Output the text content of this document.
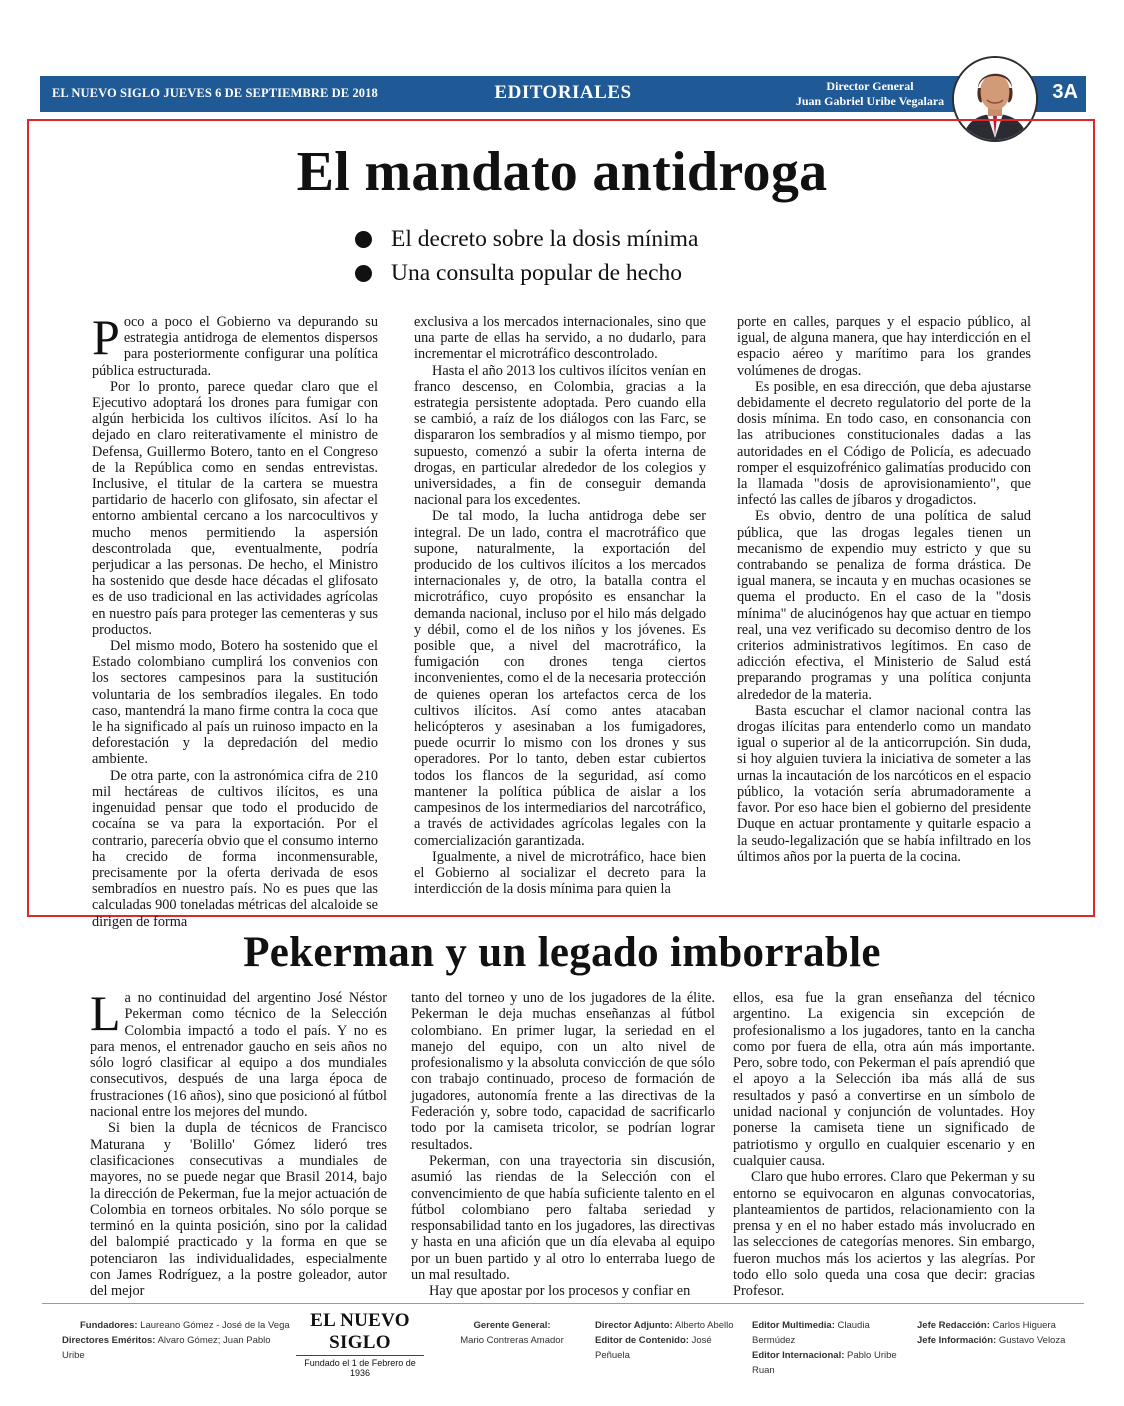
EL NUEVO SIGLO JUEVES 6 DE SEPTIEMBRE DE 2018	EDITORIALES	Director General
Juan Gabriel Uribe Vegalara	3A
El mandato antidroga
El decreto sobre la dosis mínima
Una consulta popular de hecho

Poco a poco el Gobierno va depurando su estrategia antidroga de elementos dispersos para posteriormente configurar una política pública estructurada.

Por lo pronto, parece quedar claro que el Ejecutivo adoptará los drones para fumigar con algún herbicida los cultivos ilícitos. Así lo ha dejado en claro reiterativamente el ministro de Defensa, Guillermo Botero, tanto en el Congreso de la República como en sendas entrevistas. Inclusive, el titular de la cartera se muestra partidario de hacerlo con glifosato, sin afectar el entorno ambiental cercano a los narcocultivos y mucho menos permitiendo la aspersión descontrolada que, eventualmente, podría perjudicar a las personas. De hecho, el Ministro ha sostenido que desde hace décadas el glifosato es de uso tradicional en las actividades agrícolas en nuestro país para proteger las cementeras y sus productos.

Del mismo modo, Botero ha sostenido que el Estado colombiano cumplirá los convenios con los sectores campesinos para la sustitución voluntaria de los sembradíos ilegales. En todo caso, mantendrá la mano firme contra la coca que le ha significado al país un ruinoso impacto en la deforestación y la depredación del medio ambiente.

De otra parte, con la astronómica cifra de 210 mil hectáreas de cultivos ilícitos, es una ingenuidad pensar que todo el producido de cocaína se va para la exportación. Por el contrario, parecería obvio que el consumo interno ha crecido de forma inconmensurable, precisamente por la oferta derivada de esos sembradíos en nuestro país. No es pues que las calculadas 900 toneladas métricas del alcaloide se dirigen de forma

exclusiva a los mercados internacionales, sino que una parte de ellas ha servido, a no dudarlo, para incrementar el microtráfico descontrolado.

Hasta el año 2013 los cultivos ilícitos venían en franco descenso, en Colombia, gracias a la estrategia persistente adoptada. Pero cuando ella se cambió, a raíz de los diálogos con las Farc, se dispararon los sembradíos y al mismo tiempo, por supuesto, comenzó a subir la oferta interna de drogas, en particular alrededor de los colegios y universidades, a fin de conseguir demanda nacional para los excedentes.

De tal modo, la lucha antidroga debe ser integral. De un lado, contra el macrotráfico que supone, naturalmente, la exportación del producido de los cultivos ilícitos a los mercados internacionales y, de otro, la batalla contra el microtráfico, cuyo propósito es ensanchar la demanda nacional, incluso por el hilo más delgado y débil, como el de los niños y los jóvenes. Es posible que, a nivel del macrotráfico, la fumigación con drones tenga ciertos inconvenientes, como el de la necesaria protección de quienes operan los artefactos cerca de los cultivos ilícitos. Así como antes atacaban helicópteros y asesinaban a los fumigadores, puede ocurrir lo mismo con los drones y sus operadores. Por lo tanto, deben estar cubiertos todos los flancos de la seguridad, así como mantener la política pública de aislar a los campesinos de los intermediarios del narcotráfico, a través de actividades agrícolas legales con la comercialización garantizada.

Igualmente, a nivel de microtráfico, hace bien el Gobierno al socializar el decreto para la interdicción de la dosis mínima para quien la

porte en calles, parques y el espacio público, al igual, de alguna manera, que hay interdicción en el espacio aéreo y marítimo para los grandes volúmenes de drogas.

Es posible, en esa dirección, que deba ajustarse debidamente el decreto regulatorio del porte de la dosis mínima. En todo caso, en consonancia con las atribuciones constitucionales dadas a las autoridades en el Código de Policía, es adecuado romper el esquizofrénico galimatías producido con la llamada "dosis de aprovisionamiento", que infectó las calles de jíbaros y drogadictos.

Es obvio, dentro de una política de salud pública, que las drogas legales tienen un mecanismo de expendio muy estricto y que su contrabando se penaliza de forma drástica. De igual manera, se incauta y en muchas ocasiones se quema el producto. En el caso de la "dosis mínima" de alucinógenos hay que actuar en tiempo real, una vez verificado su decomiso dentro de los criterios administrativos legítimos. En caso de adicción efectiva, el Ministerio de Salud está preparando programas y una política conjunta alrededor de la materia.

Basta escuchar el clamor nacional contra las drogas ilícitas para entenderlo como un mandato igual o superior al de la anticorrupción. Sin duda, si hoy alguien tuviera la iniciativa de someter a las urnas la incautación de los narcóticos en el espacio público, la votación sería abrumadoramente a favor. Por eso hace bien el gobierno del presidente Duque en actuar prontamente y quitarle espacio a la seudo-legalización que se había infiltrado en los últimos años por la puerta de la cocina.

Pekerman y un legado imborrable

La no continuidad del argentino José Néstor Pekerman como técnico de la Selección Colombia impactó a todo el país. Y no es para menos, el entrenador gaucho en seis años no sólo logró clasificar al equipo a dos mundiales consecutivos, después de una larga época de frustraciones (16 años), sino que posicionó al fútbol nacional entre los mejores del mundo.

Si bien la dupla de técnicos de Francisco Maturana y 'Bolillo' Gómez lideró tres clasificaciones consecutivas a mundiales de mayores, no se puede negar que Brasil 2014, bajo la dirección de Pekerman, fue la mejor actuación de Colombia en torneos orbitales. No sólo porque se terminó en la quinta posición, sino por la calidad del balompié practicado y la forma en que se potenciaron las individualidades, especialmente con James Rodríguez, a la postre goleador, autor del mejor

tanto del torneo y uno de los jugadores de la élite. Pekerman le deja muchas enseñanzas al fútbol colombiano. En primer lugar, la seriedad en el manejo del equipo, con un alto nivel de profesionalismo y la absoluta convicción de que sólo con trabajo continuado, proceso de formación de jugadores, autonomía frente a las directivas de la Federación y, sobre todo, capacidad de sacrificarlo todo por la camiseta tricolor, se podrían lograr resultados.

Pekerman, con una trayectoria sin discusión, asumió las riendas de la Selección con el convencimiento de que había suficiente talento en el fútbol colombiano pero faltaba seriedad y responsabilidad tanto en los jugadores, las directivas y hasta en una afición que un día elevaba al equipo por un buen partido y al otro lo enterraba luego de un mal resultado.

Hay que apostar por los procesos y confiar en

ellos, esa fue la gran enseñanza del técnico argentino. La exigencia sin excepción de profesionalismo a los jugadores, tanto en la cancha como por fuera de ella, otra aún más importante. Pero, sobre todo, con Pekerman el país aprendió que el apoyo a la Selección iba más allá de sus resultados y pasó a convertirse en un símbolo de unidad nacional y conjunción de voluntades. Hoy ponerse la camiseta tiene un significado de patriotismo y orgullo en cualquier escenario y en cualquier causa.

Claro que hubo errores. Claro que Pekerman y su entorno se equivocaron en algunas convocatorias, planteamientos de partidos, relacionamiento con la prensa y en el no haber estado más involucrado en las selecciones de categorías menores. Sin embargo, fueron muchos más los aciertos y las alegrías. Por todo ello solo queda una cosa que decir: gracias Profesor.

Fundadores: Laureano Gómez - José de la Vega
Directores Eméritos: Alvaro Gómez; Juan Pablo Uribe
EL NUEVO SIGLO
Fundado el 1 de Febrero de 1936
Gerente General:
Mario Contreras Amador
Director Adjunto: Alberto Abello
Editor de Contenido: José Peñuela
Editor Multimedia: Claudia Bermúdez
Editor Internacional: Pablo Uribe Ruan
Jefe Redacción: Carlos Higuera
Jefe Información: Gustavo Veloza
